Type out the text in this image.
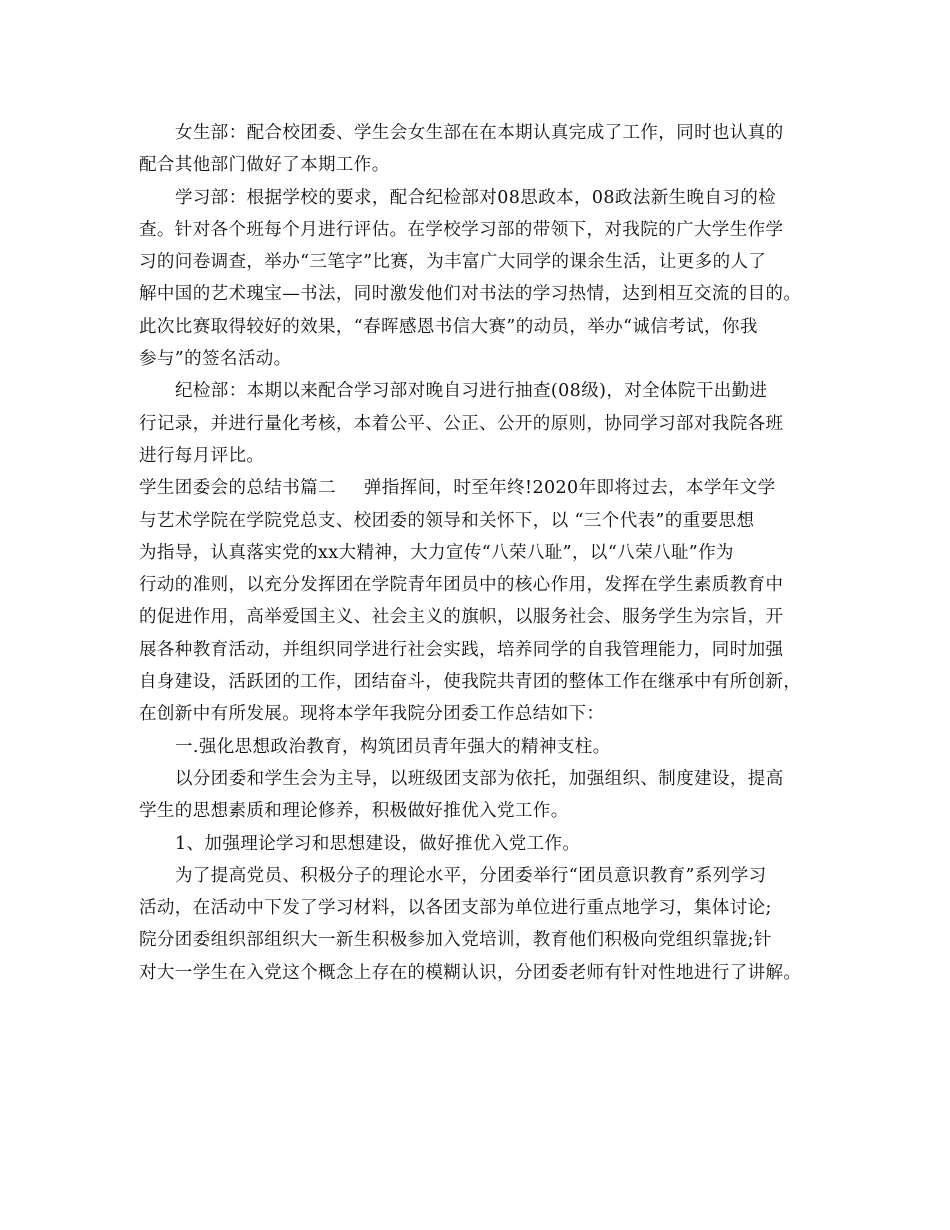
女生部：配合校团委、学生会女生部在在本期认真完成了工作，同时也认真的
配合其他部门做好了本期工作。
学习部：根据学校的要求，配合纪检部对08思政本，08政法新生晚自习的检
查。针对各个班每个月进行评估。在学校学习部的带领下，对我院的广大学生作学
习的问卷调查，举办“三笔字”比赛，为丰富广大同学的课余生活，让更多的人了
解中国的艺术瑰宝—书法，同时激发他们对书法的学习热情，达到相互交流的目的。
此次比赛取得较好的效果，“春晖感恩书信大赛”的动员，举办“诚信考试，你我
参与”的签名活动。
纪检部：本期以来配合学习部对晚自习进行抽查(08级)，对全体院干出勤进
行记录，并进行量化考核，本着公平、公正、公开的原则，协同学习部对我院各班
进行每月评比。
学生团委会的总结书篇二 弹指挥间，时至年终!2020年即将过去，本学年文学
与艺术学院在学院党总支、校团委的领导和关怀下，以 “三个代表”的重要思想
为指导，认真落实党的xx大精神，大力宣传“八荣八耻”，以“八荣八耻”作为
行动的准则，以充分发挥团在学院青年团员中的核心作用，发挥在学生素质教育中
的促进作用，高举爱国主义、社会主义的旗帜，以服务社会、服务学生为宗旨，开
展各种教育活动，并组织同学进行社会实践，培养同学的自我管理能力，同时加强
自身建设，活跃团的工作，团结奋斗，使我院共青团的整体工作在继承中有所创新，
在创新中有所发展。现将本学年我院分团委工作总结如下：
一.强化思想政治教育，构筑团员青年强大的精神支柱。
以分团委和学生会为主导，以班级团支部为依托，加强组织、制度建设，提高
学生的思想素质和理论修养，积极做好推优入党工作。
1、加强理论学习和思想建设，做好推优入党工作。
为了提高党员、积极分子的理论水平，分团委举行“团员意识教育”系列学习
活动，在活动中下发了学习材料，以各团支部为单位进行重点地学习，集体讨论;
院分团委组织部组织大一新生积极参加入党培训，教育他们积极向党组织靠拢;针
对大一学生在入党这个概念上存在的模糊认识，分团委老师有针对性地进行了讲解。
